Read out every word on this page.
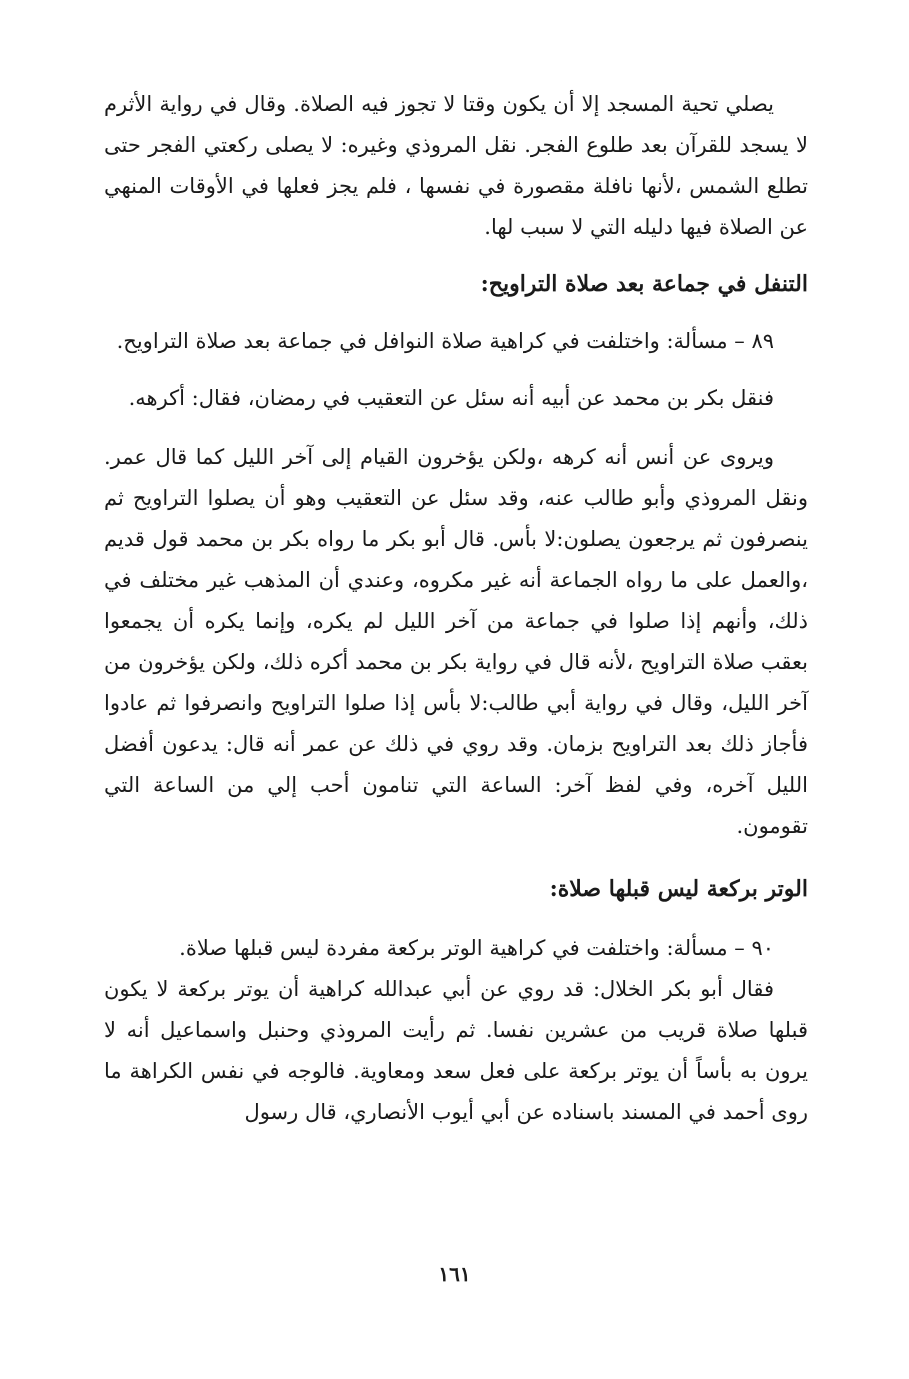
يصلي تحية المسجد إلا أن يكون وقتا لا تجوز فيه الصلاة. وقال في رواية الأثرم لا يسجد للقرآن بعد طلوع الفجر. نقل المروذي وغيره: لا يصلى ركعتي الفجر حتى تطلع الشمس ،لأنها نافلة مقصورة في نفسها ، فلم يجز فعلها في الأوقات المنهي عن الصلاة فيها دليله التي لا سبب لها.

التنفل في جماعة بعد صلاة التراويح:

٨٩ – مسألة: واختلفت في كراهية صلاة النوافل في جماعة بعد صلاة التراويح.

فنقل بكر بن محمد عن أبيه أنه سئل عن التعقيب في رمضان، فقال: أكرهه.

ويروى عن أنس أنه كرهه ،ولكن يؤخرون القيام إلى آخر الليل كما قال عمر. ونقل المروذي وأبو طالب عنه، وقد سئل عن التعقيب وهو أن يصلوا التراويح ثم ينصرفون ثم يرجعون يصلون:لا بأس. قال أبو بكر ما رواه بكر بن محمد قول قديم ،والعمل على ما رواه الجماعة أنه غير مكروه، وعندي أن المذهب غير مختلف في ذلك، وأنهم إذا صلوا في جماعة من آخر الليل لم يكره، وإنما يكره أن يجمعوا بعقب صلاة التراويح ،لأنه قال في رواية بكر بن محمد أكره ذلك، ولكن يؤخرون من آخر الليل، وقال في رواية أبي طالب:لا بأس إذا صلوا التراويح وانصرفوا ثم عادوا فأجاز ذلك بعد التراويح بزمان. وقد روي في ذلك عن عمر أنه قال: يدعون أفضل الليل آخره، وفي لفظ آخر: الساعة التي تنامون أحب إلي من الساعة التي تقومون.

الوتر بركعة ليس قبلها صلاة:

٩٠ – مسألة: واختلفت في كراهية الوتر بركعة مفردة ليس قبلها صلاة.

فقال أبو بكر الخلال: قد روي عن أبي عبدالله كراهية أن يوتر بركعة لا يكون قبلها صلاة قريب من عشرين نفسا. ثم رأيت المروذي وحنبل واسماعيل أنه لا يرون به بأساً أن يوتر بركعة على فعل سعد ومعاوية. فالوجه في نفس الكراهة ما روى أحمد في المسند باسناده عن أبي أيوب الأنصاري، قال رسول

١٦١
